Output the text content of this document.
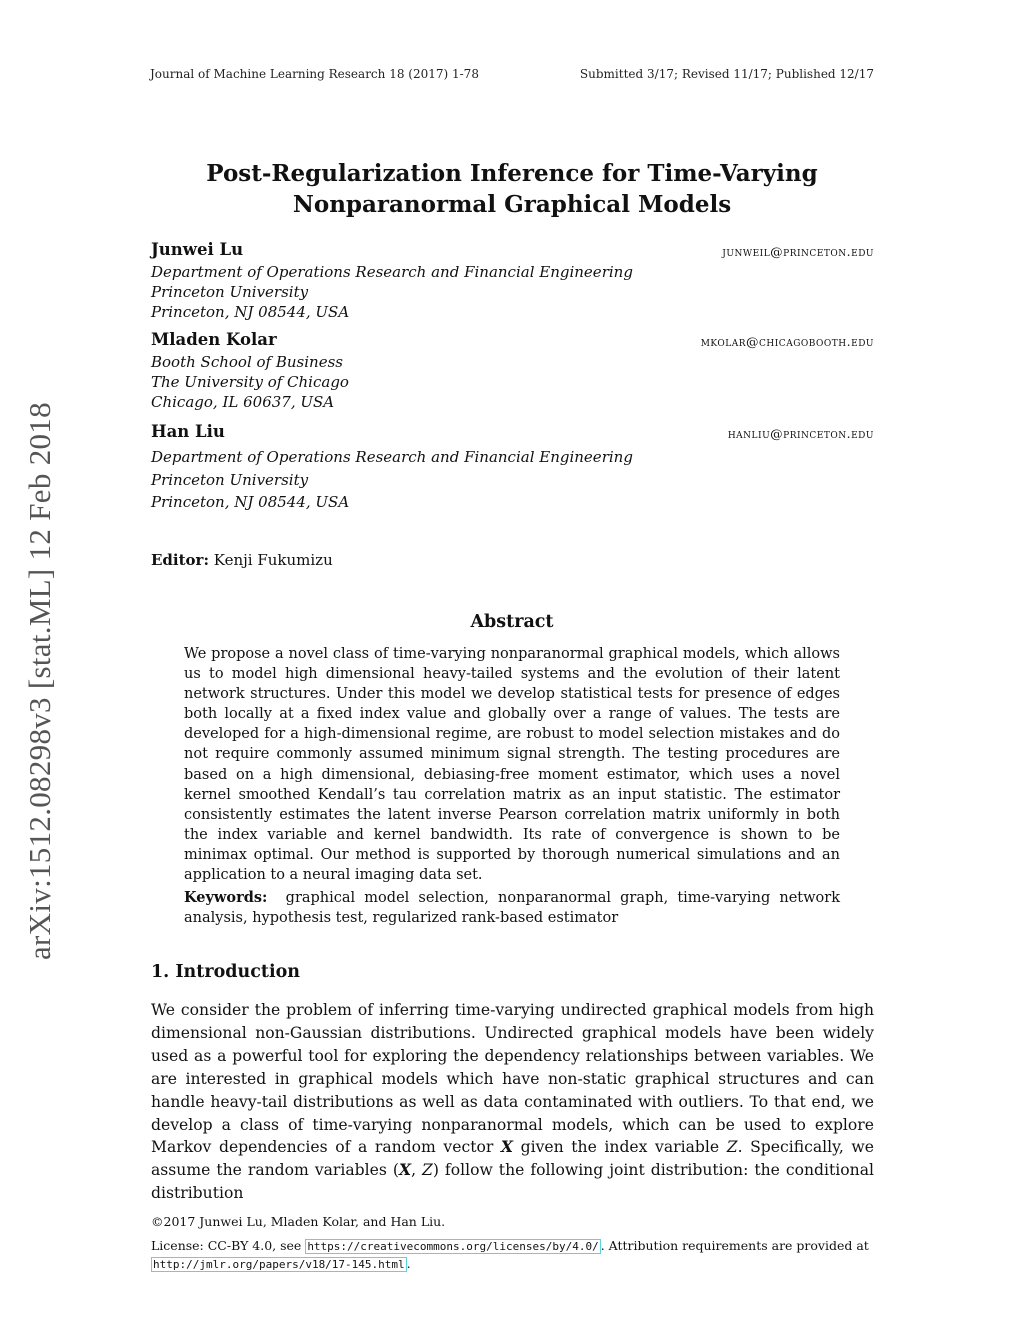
Journal of Machine Learning Research 18 (2017) 1-78	Submitted 3/17; Revised 11/17; Published 12/17
arXiv:1512.08298v3 [stat.ML] 12 Feb 2018
Post-Regularization Inference for Time-Varying
Nonparanormal Graphical Models
Junwei Lu	junweil@princeton.edu
Department of Operations Research and Financial Engineering
Princeton University
Princeton, NJ 08544, USA
Mladen Kolar	mkolar@chicagobooth.edu
Booth School of Business
The University of Chicago
Chicago, IL 60637, USA
Han Liu	hanliu@princeton.edu
Department of Operations Research and Financial Engineering
Princeton University
Princeton, NJ 08544, USA
Editor: Kenji Fukumizu
Abstract
We propose a novel class of time-varying nonparanormal graphical models, which allows us to model high dimensional heavy-tailed systems and the evolution of their latent network structures. Under this model we develop statistical tests for presence of edges both locally at a fixed index value and globally over a range of values. The tests are developed for a high-dimensional regime, are robust to model selection mistakes and do not require commonly assumed minimum signal strength. The testing procedures are based on a high dimensional, debiasing-free moment estimator, which uses a novel kernel smoothed Kendall’s tau correlation matrix as an input statistic. The estimator consistently estimates the latent inverse Pearson correlation matrix uniformly in both the index variable and kernel bandwidth. Its rate of convergence is shown to be minimax optimal. Our method is supported by thorough numerical simulations and an application to a neural imaging data set.
Keywords: graphical model selection, nonparanormal graph, time-varying network analysis, hypothesis test, regularized rank-based estimator
1. Introduction
We consider the problem of inferring time-varying undirected graphical models from high dimensional non-Gaussian distributions. Undirected graphical models have been widely used as a powerful tool for exploring the dependency relationships between variables. We are interested in graphical models which have non-static graphical structures and can handle heavy-tail distributions as well as data contaminated with outliers. To that end, we develop a class of time-varying nonparanormal models, which can be used to explore Markov dependencies of a random vector X given the index variable Z. Specifically, we assume the random variables (X, Z) follow the following joint distribution: the conditional distribution
©2017 Junwei Lu, Mladen Kolar, and Han Liu.
License: CC-BY 4.0, see https://creativecommons.org/licenses/by/4.0/ . Attribution requirements are provided at http://jmlr.org/papers/v18/17-145.html .
